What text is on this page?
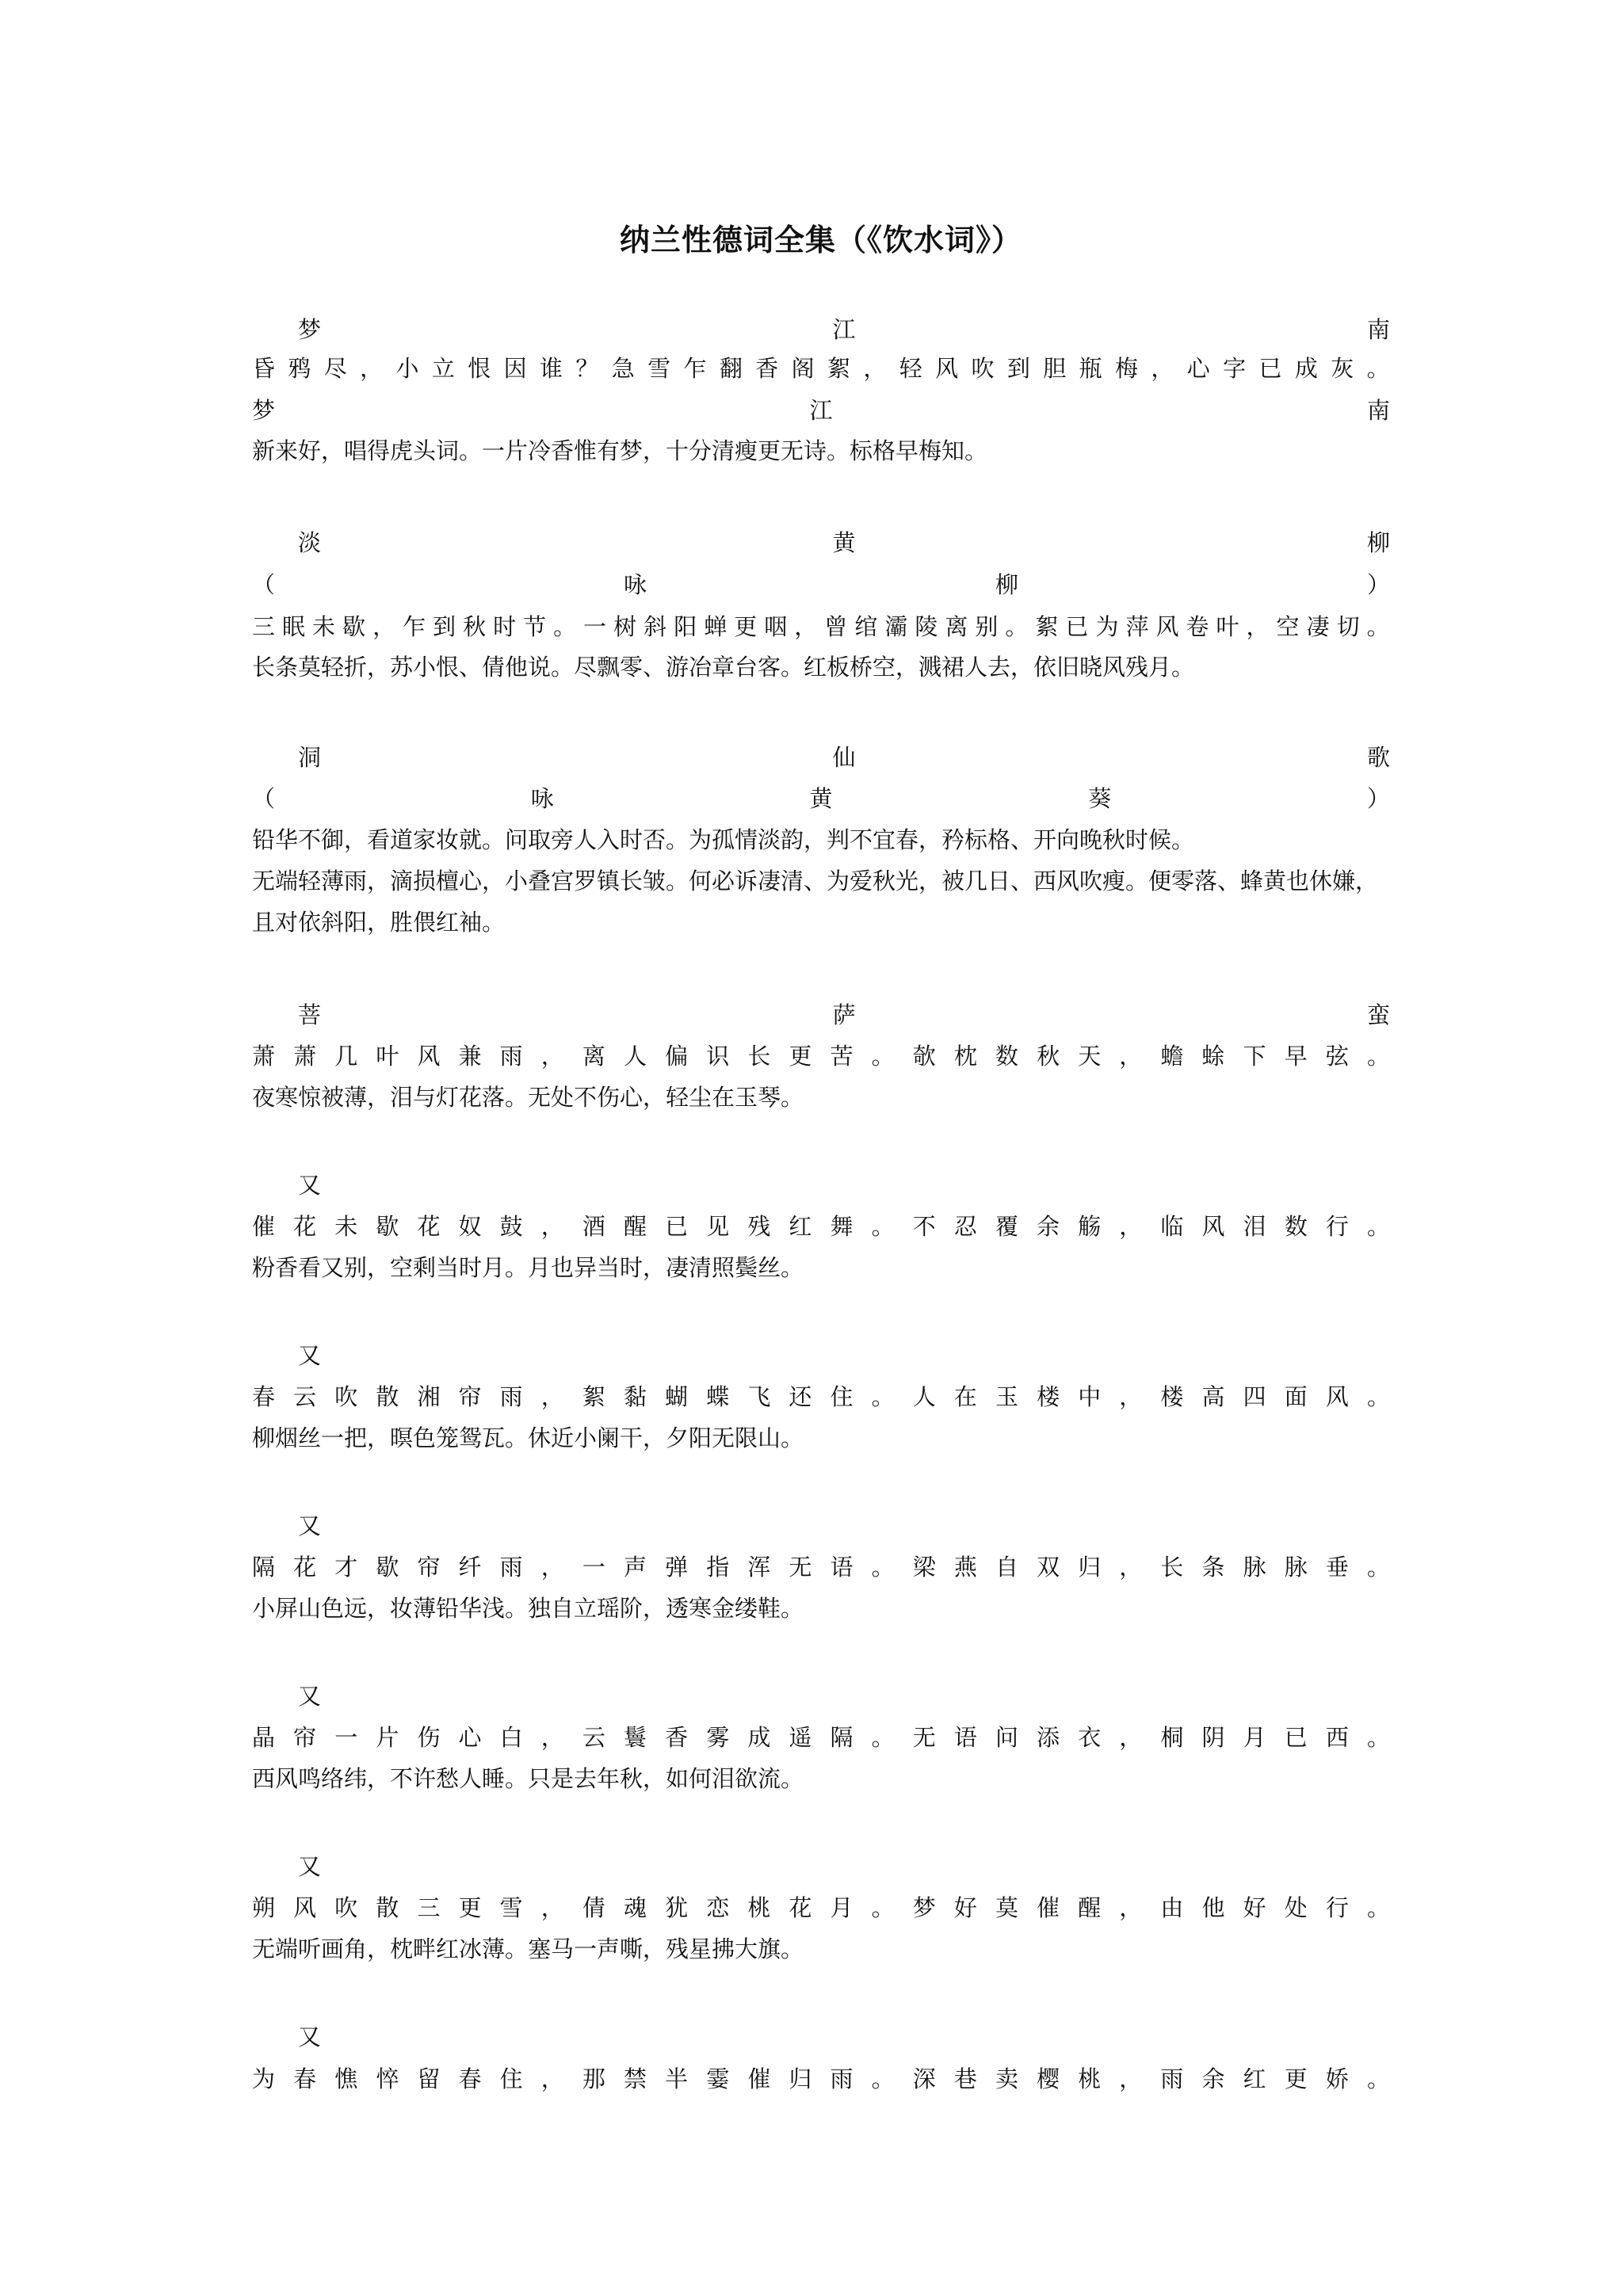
纳兰性德词全集（《饮水词》）
梦	江	南
昏 鸦 尽 ， 小 立 恨 因 谁 ？ 急 雪 乍 翻 香 阁 絮 ， 轻 风 吹 到 胆 瓶 梅 ， 心 字 已 成 灰 。
梦	江	南
新来好，唱得虎头词。一片冷香惟有梦，十分清瘦更无诗。标格早梅知。
淡	黄	柳
（	咏	柳	）
三 眠 未 歇 ， 乍 到 秋 时 节 。 一 树 斜 阳 蝉 更 咽 ， 曾 绾 灞 陵 离 别 。 絮 已 为 萍 风 卷 叶 ， 空 凄 切 。
长条莫轻折，苏小恨、倩他说。尽飘零、游冶章台客。红板桥空，溅裙人去，依旧晓风残月。
洞	仙	歌
（	咏	黄	葵	）
铅华不御，看道家妆就。问取旁人入时否。为孤情淡韵，判不宜春，矜标格、开向晚秋时候。
无端轻薄雨，滴损檀心，小叠宫罗镇长皱。何必诉凄清、为爱秋光，被几日、西风吹瘦。便零落、蜂黄也休嫌，
且对依斜阳，胜偎红袖。
菩	萨	蛮
萧 萧 几 叶 风 兼 雨 ， 离 人 偏 识 长 更 苦 。 欹 枕 数 秋 天 ， 蟾 蜍 下 早 弦 。
夜寒惊被薄，泪与灯花落。无处不伤心，轻尘在玉琴。
又
催 花 未 歇 花 奴 鼓 ， 酒 醒 已 见 残 红 舞 。 不 忍 覆 余 觞 ， 临 风 泪 数 行 。
粉香看又别，空剩当时月。月也异当时，凄清照鬓丝。
又
春 云 吹 散 湘 帘 雨 ， 絮 黏 蝴 蝶 飞 还 住 。 人 在 玉 楼 中 ， 楼 高 四 面 风 。
柳烟丝一把，暝色笼鸳瓦。休近小阑干，夕阳无限山。
又
隔 花 才 歇 帘 纤 雨 ， 一 声 弹 指 浑 无 语 。 梁 燕 自 双 归 ， 长 条 脉 脉 垂 。
小屏山色远，妆薄铅华浅。独自立瑶阶，透寒金缕鞋。
又
晶 帘 一 片 伤 心 白 ， 云 鬟 香 雾 成 遥 隔 。 无 语 问 添 衣 ， 桐 阴 月 已 西 。
西风鸣络纬，不许愁人睡。只是去年秋，如何泪欲流。
又
朔 风 吹 散 三 更 雪 ， 倩 魂 犹 恋 桃 花 月 。 梦 好 莫 催 醒 ， 由 他 好 处 行 。
无端听画角，枕畔红冰薄。塞马一声嘶，残星拂大旗。
又
为 春 憔 悴 留 春 住 ， 那 禁 半 霎 催 归 雨 。 深 巷 卖 樱 桃 ， 雨 余 红 更 娇 。
